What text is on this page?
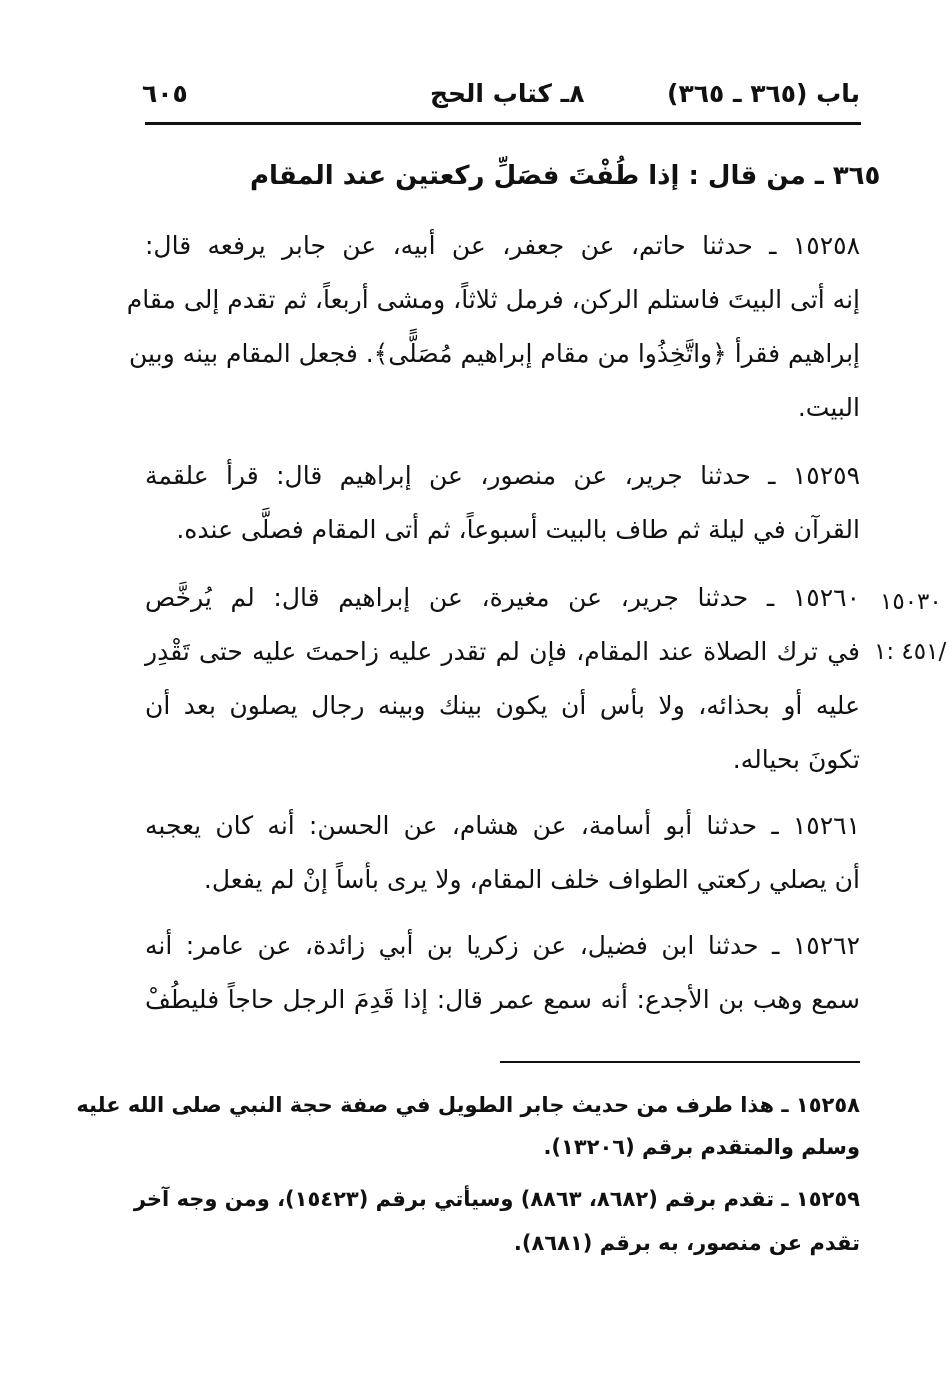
باب (٣٦٥ ـ ٣٦٥)
٨ـ كتاب الحج
٦٠٥
٣٦٥ ـ من قال : إذا طُفْتَ فصَلِّ ركعتين عند المقام
١٥٢٥٨ ـ حدثنا حاتم، عن جعفر، عن أبيه، عن جابر يرفعه قال:
إنه أتى البيتَ فاستلم الركن، فرمل ثلاثاً، ومشى أربعاً، ثم تقدم إلى مقام
إبراهيم فقرأ ﴿واتَّخِذُوا من مقام إبراهيم مُصَلًّى﴾. فجعل المقام بينه وبين
البيت.
١٥٢٥٩ ـ حدثنا جرير، عن منصور، عن إبراهيم قال: قرأ علقمة
القرآن في ليلة ثم طاف بالبيت أسبوعاً، ثم أتى المقام فصلَّى عنده.
١٥٢٦٠ ـ حدثنا جرير، عن مغيرة، عن إبراهيم قال: لم يُرخَّص
في ترك الصلاة عند المقام، فإن لم تقدر عليه زاحمتَ عليه حتى تَقْدِر
عليه أو بحذائه، ولا بأس أن يكون بينك وبينه رجال يصلون بعد أن
تكونَ بحياله.
١٥٠٣٠
٤٥١ :١/
١٥٢٦١ ـ حدثنا أبو أسامة، عن هشام، عن الحسن: أنه كان يعجبه
أن يصلي ركعتي الطواف خلف المقام، ولا يرى بأساً إنْ لم يفعل.
١٥٢٦٢ ـ حدثنا ابن فضيل، عن زكريا بن أبي زائدة، عن عامر: أنه
سمع وهب بن الأجدع: أنه سمع عمر قال: إذا قَدِمَ الرجل حاجاً فليطُفْ
١٥٢٥٨ ـ هذا طرف من حديث جابر الطويل في صفة حجة النبي صلى الله عليه
وسلم والمتقدم برقم (١٣٢٠٦).
١٥٢٥٩ ـ تقدم برقم (٨٦٨٢، ٨٨٦٣) وسيأتي برقم (١٥٤٢٣)، ومن وجه آخر
تقدم عن منصور، به برقم (٨٦٨١).
